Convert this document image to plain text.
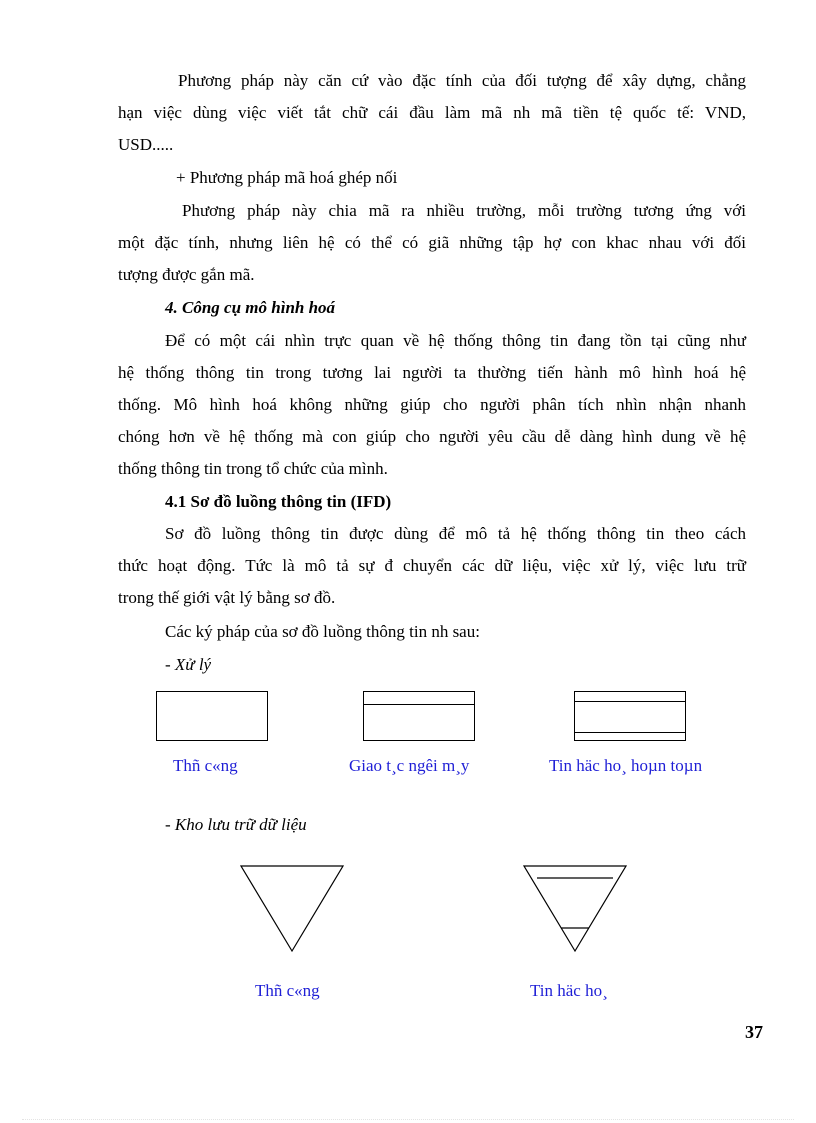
Phương pháp này căn cứ vào đặc tính của đối tượng để xây dựng, chẳng
hạn việc dùng việc viết tắt chữ cái đầu làm mã nh mã tiền tệ quốc tế: VND,
USD.....
+ Phương pháp mã hoá ghép nối
Phương pháp này chia mã ra nhiều trường, mỗi trường tương ứng với
một đặc tính, nhưng liên hệ có thể có giã những tập hợ con khac nhau với đối
tượng được gắn mã.
4. Công cụ mô hình hoá
Để có một cái nhìn trực quan về hệ thống thông tin đang tồn tại cũng như
hệ thống thông tin trong tương lai người ta thường tiến hành mô hình hoá hệ
thống. Mô hình hoá không những giúp cho người phân tích nhìn nhận nhanh
chóng hơn về hệ thống mà con giúp cho người yêu cầu dễ dàng hình dung về hệ
thống thông tin trong tổ chức của mình.
4.1 Sơ đồ luồng thông tin (IFD)
Sơ đồ luồng thông tin được dùng để mô tả hệ thống thông tin theo cách
thức hoạt động. Tức là mô tả sự đ chuyển các dữ liệu, việc xử lý, việc lưu trữ
trong thế giới vật lý bằng sơ đồ.
Các ký pháp của sơ đồ luồng thông tin nh sau:
- Xử lý
Thñ c«ng	Giao t¸c ngêi m¸y	Tin häc ho¸ hoµn toµn
- Kho lưu trữ dữ liệu
Thñ c«ng	Tin häc ho¸
37
